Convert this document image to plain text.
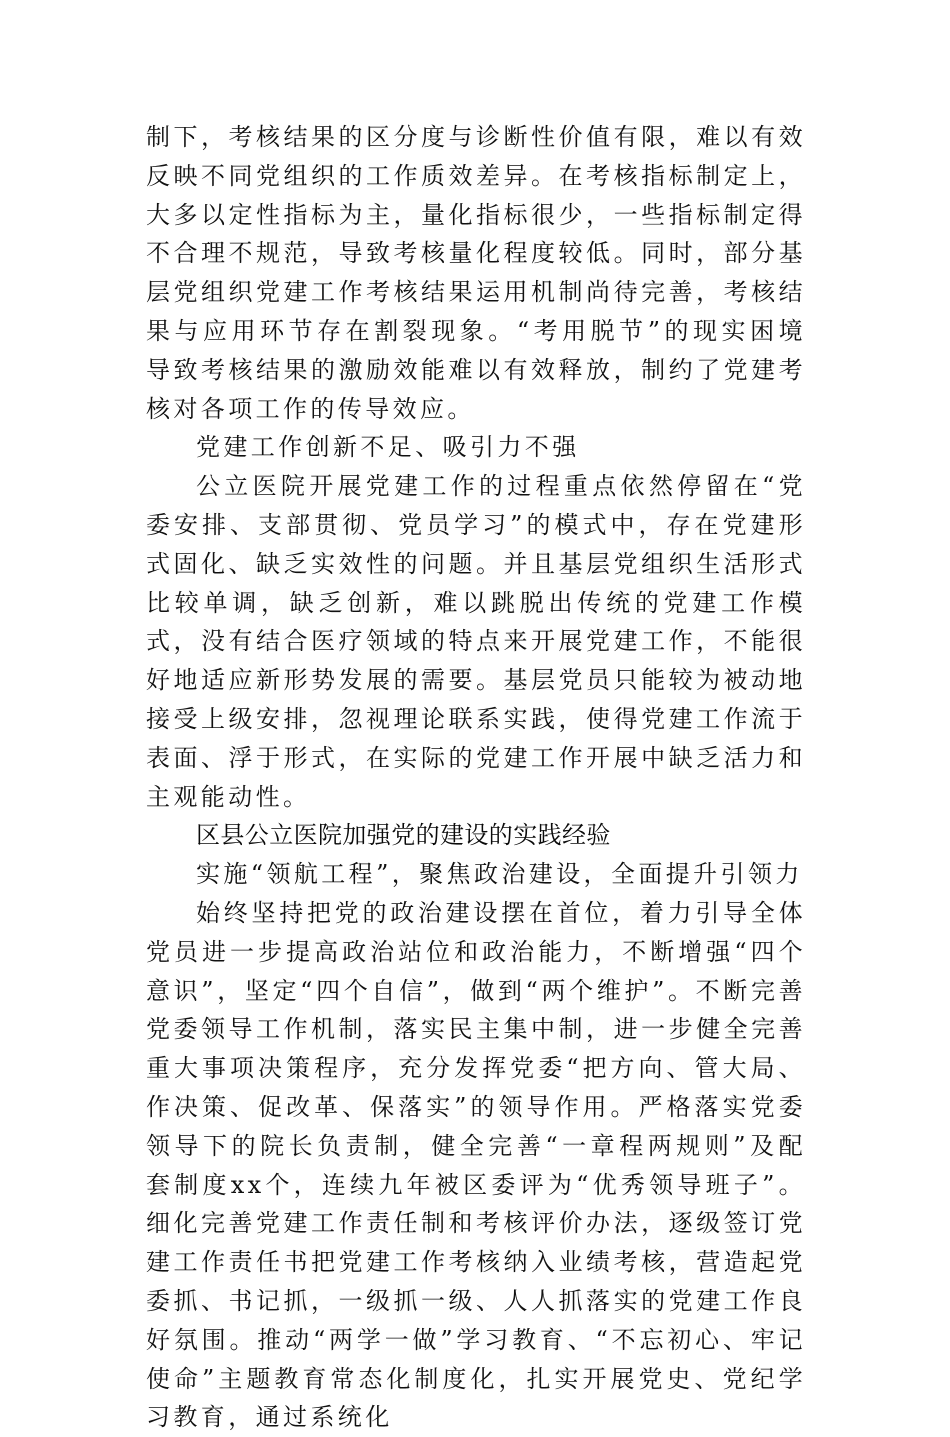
制下，考核结果的区分度与诊断性价值有限，难以有效反映不同党组织的工作质效差异。在考核指标制定上，大多以定性指标为主，量化指标很少，一些指标制定得不合理不规范，导致考核量化程度较低。同时，部分基层党组织党建工作考核结果运用机制尚待完善，考核结果与应用环节存在割裂现象。“考用脱节”的现实困境导致考核结果的激励效能难以有效释放，制约了党建考核对各项工作的传导效应。

党建工作创新不足、吸引力不强

公立医院开展党建工作的过程重点依然停留在“党委安排、支部贯彻、党员学习”的模式中，存在党建形式固化、缺乏实效性的问题。并且基层党组织生活形式比较单调，缺乏创新，难以跳脱出传统的党建工作模式，没有结合医疗领域的特点来开展党建工作，不能很好地适应新形势发展的需要。基层党员只能较为被动地接受上级安排，忽视理论联系实践，使得党建工作流于表面、浮于形式，在实际的党建工作开展中缺乏活力和主观能动性。

区县公立医院加强党的建设的实践经验

实施“领航工程”，聚焦政治建设，全面提升引领力

始终坚持把党的政治建设摆在首位，着力引导全体党员进一步提高政治站位和政治能力，不断增强“四个意识”，坚定“四个自信”，做到“两个维护”。不断完善党委领导工作机制，落实民主集中制，进一步健全完善重大事项决策程序，充分发挥党委“把方向、管大局、作决策、促改革、保落实”的领导作用。严格落实党委领导下的院长负责制，健全完善“一章程两规则”及配套制度xx个，连续九年被区委评为“优秀领导班子”。细化完善党建工作责任制和考核评价办法，逐级签订党建工作责任书把党建工作考核纳入业绩考核，营造起党委抓、书记抓，一级抓一级、人人抓落实的党建工作良好氛围。推动“两学一做”学习教育、“不忘初心、牢记使命”主题教育常态化制度化，扎实开展党史、党纪学习教育，通过系统化
